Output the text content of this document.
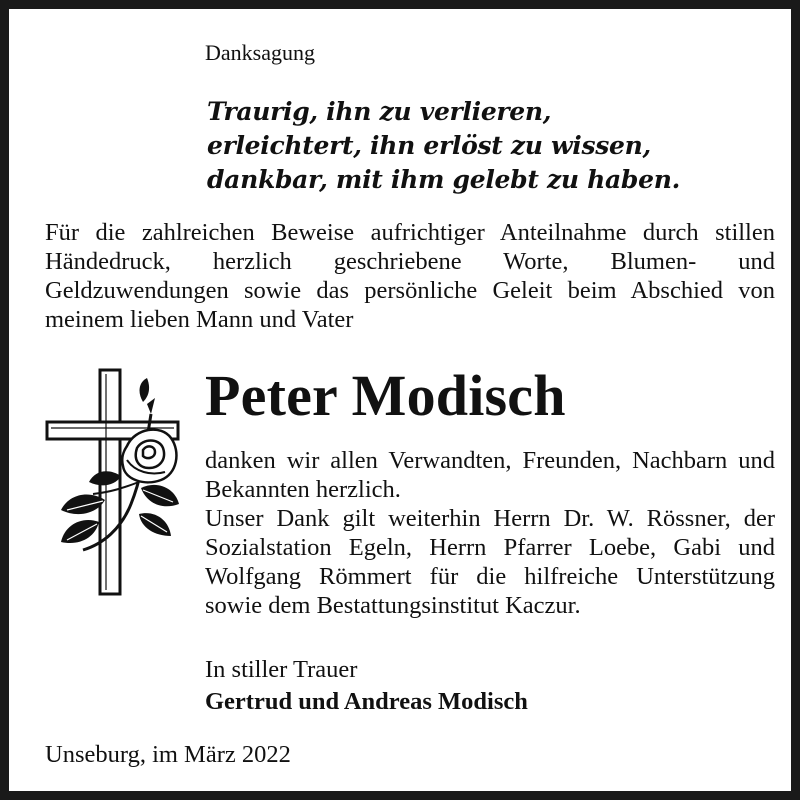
Danksagung
Traurig, ihn zu verlieren,
erleichtert, ihn erlöst zu wissen,
dankbar, mit ihm gelebt zu haben.
Für die zahlreichen Beweise aufrichtiger Anteilnahme durch stillen Händedruck, herzlich geschriebene Worte, Blumen- und Geldzuwendungen sowie das persönliche Geleit beim Abschied von meinem lieben Mann und Vater
Peter Modisch

danken wir allen Verwandten, Freunden, Nachbarn und Bekannten herzlich.

Unser Dank gilt weiterhin Herrn Dr. W. Rössner, der Sozialstation Egeln, Herrn Pfarrer Loebe, Gabi und Wolfgang Römmert für die hilfreiche Unterstützung sowie dem Bestattungsinstitut Kaczur.

In stiller Trauer
Gertrud und Andreas Modisch
Unseburg, im März 2022
